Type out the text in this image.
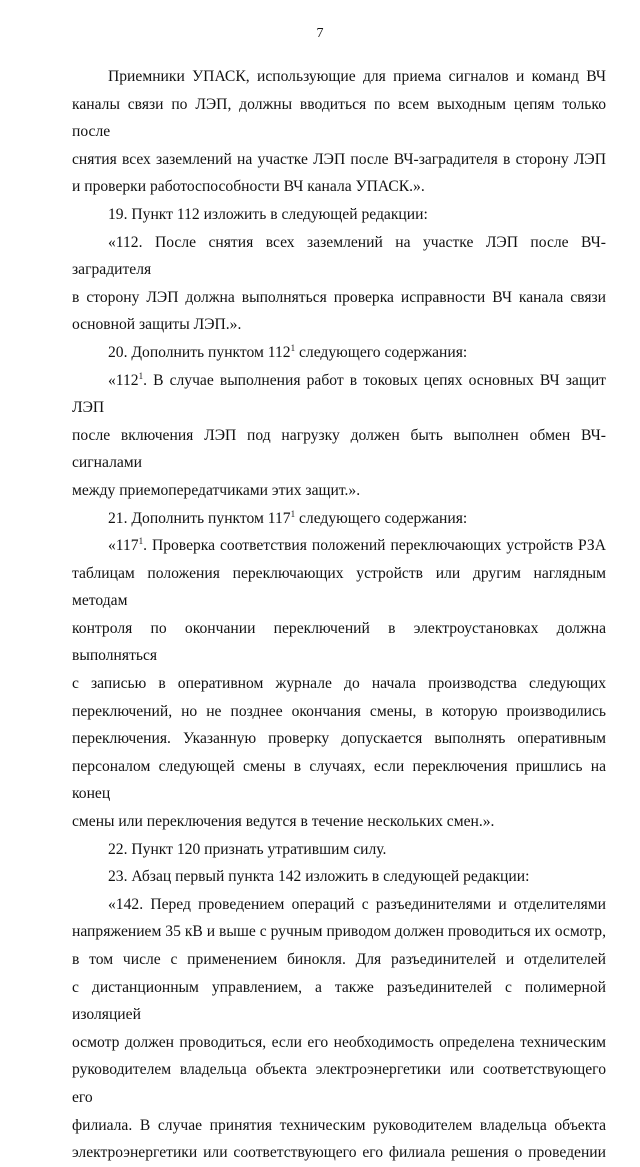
7

Приемники УПАСК, использующие для приема сигналов и команд ВЧ
каналы связи по ЛЭП, должны вводиться по всем выходным цепям только после
снятия всех заземлений на участке ЛЭП после ВЧ-заградителя в сторону ЛЭП

и проверки работоспособности ВЧ канала УПАСК.».

19. Пункт 112 изложить в следующей редакции:

«112. После снятия всех заземлений на участке ЛЭП после ВЧ-заградителя
в сторону ЛЭП должна выполняться проверка исправности ВЧ канала связи

основной защиты ЛЭП.».

20. Дополнить пунктом $112^1$ следующего содержания:

«$112^1$. В случае выполнения работ в токовых цепях основных ВЧ защит ЛЭП
после включения ЛЭП под нагрузку должен быть выполнен обмен ВЧ-сигналами

между приемопередатчиками этих защит.».

21. Дополнить пунктом $117^1$ следующего содержания:

«$117^1$. Проверка соответствия положений переключающих устройств РЗА
таблицам положения переключающих устройств или другим наглядным методам
контроля по окончании переключений в электроустановках должна выполняться
с записью в оперативном журнале до начала производства следующих
переключений, но не позднее окончания смены, в которую производились
переключения. Указанную проверку допускается выполнять оперативным
персоналом следующей смены в случаях, если переключения пришлись на конец

смены или переключения ведутся в течение нескольких смен.».

22. Пункт 120 признать утратившим силу.

23. Абзац первый пункта 142 изложить в следующей редакции:

«142. Перед проведением операций с разъединителями и отделителями
напряжением 35 кВ и выше с ручным приводом должен проводиться их осмотр,
в том числе с применением бинокля. Для разъединителей и отделителей
с дистанционным управлением, а также разъединителей с полимерной изоляцией
осмотр должен проводиться, если его необходимость определена техническим
руководителем владельца объекта электроэнергетики или соответствующего его
филиала. В случае принятия техническим руководителем владельца объекта
электроэнергетики или соответствующего его филиала решения о проведении
